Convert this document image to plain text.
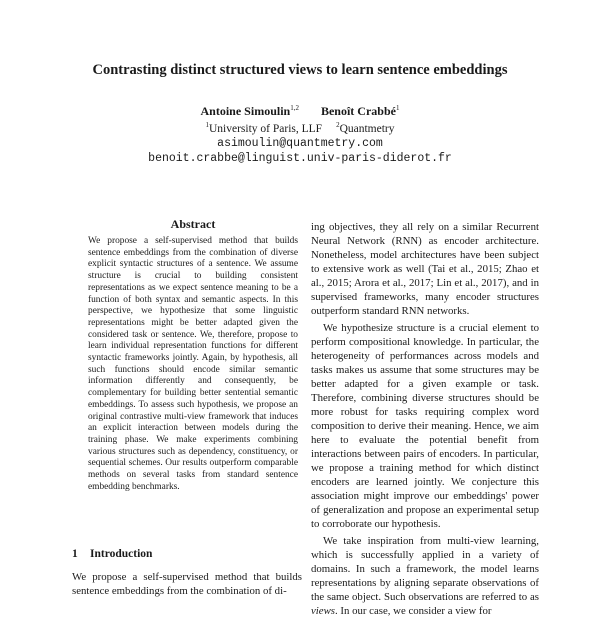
Contrasting distinct structured views to learn sentence embeddings
Antoine Simoulin$^{1,2}$ Benoît Crabbé$^1$
$^1$University of Paris, LLF $^2$Quantmetry
asimoulin@quantmetry.com
benoit.crabbe@linguist.univ-paris-diderot.fr
Abstract

We propose a self-supervised method that builds sentence embeddings from the combination of diverse explicit syntactic structures of a sentence. We assume structure is crucial to building consistent representations as we expect sentence meaning to be a function of both syntax and semantic aspects. In this perspective, we hypothesize that some linguistic representations might be better adapted given the considered task or sentence. We, therefore, propose to learn individual representation functions for different syntactic frameworks jointly. Again, by hypothesis, all such functions should encode similar semantic information differently and consequently, be complementary for building better sentential semantic embeddings. To assess such hypothesis, we propose an original contrastive multi-view framework that induces an explicit interaction between models during the training phase. We make experiments combining various structures such as dependency, constituency, or sequential schemes. Our results outperform comparable methods on several tasks from standard sentence embedding benchmarks.

1 Introduction

We propose a self-supervised method that builds sentence embeddings from the combination of di-

ing objectives, they all rely on a similar Recurrent Neural Network (RNN) as encoder architecture. Nonetheless, model architectures have been subject to extensive work as well (Tai et al., 2015; Zhao et al., 2015; Arora et al., 2017; Lin et al., 2017), and in supervised frameworks, many encoder structures outperform standard RNN networks.

We hypothesize structure is a crucial element to perform compositional knowledge. In particular, the heterogeneity of performances across models and tasks makes us assume that some structures may be better adapted for a given example or task. Therefore, combining diverse structures should be more robust for tasks requiring complex word composition to derive their meaning. Hence, we aim here to evaluate the potential benefit from interactions between pairs of encoders. In particular, we propose a training method for which distinct encoders are learned jointly. We conjecture this association might improve our embeddings' power of generalization and propose an experimental setup to corroborate our hypothesis.

We take inspiration from multi-view learning, which is successfully applied in a variety of domains. In such a framework, the model learns representations by aligning separate observations of the same object. Such observations are referred to as views. In our case, we consider a view for
